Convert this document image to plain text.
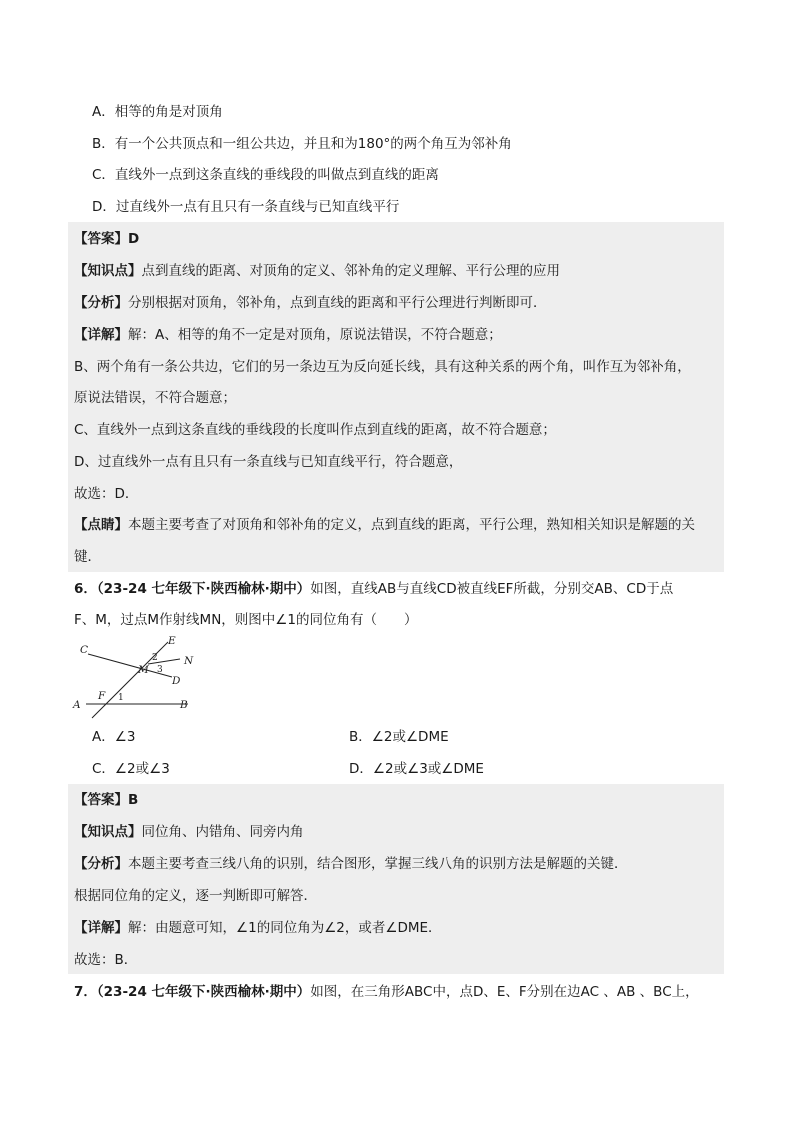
A．相等的角是对顶角
B．有一个公共顶点和一组公共边，并且和为180°的两个角互为邻补角
C．直线外一点到这条直线的垂线段的叫做点到直线的距离
D．过直线外一点有且只有一条直线与已知直线平行
【答案】D
【知识点】点到直线的距离、对顶角的定义、邻补角的定义理解、平行公理的应用
【分析】分别根据对顶角，邻补角，点到直线的距离和平行公理进行判断即可．
【详解】解：A、相等的角不一定是对顶角，原说法错误，不符合题意；
B、两个角有一条公共边，它们的另一条边互为反向延长线，具有这种关系的两个角，叫作互为邻补角，
原说法错误，不符合题意；
C、直线外一点到这条直线的垂线段的长度叫作点到直线的距离，故不符合题意；
D、过直线外一点有且只有一条直线与已知直线平行，符合题意，
故选：D．
【点睛】本题主要考查了对顶角和邻补角的定义，点到直线的距离，平行公理，熟知相关知识是解题的关
键．
6．（23-24 七年级下·陕西榆林·期中）如图，直线AB与直线CD被直线EF所截，分别交AB、CD于点
F、M，过点M作射线MN，则图中∠1的同位角有（　　）
C
E
N
M
2
3
D
F 1
A	B
A．∠3	B．∠2或∠DME
C．∠2或∠3	D．∠2或∠3或∠DME
【答案】B
【知识点】同位角、内错角、同旁内角
【分析】本题主要考查三线八角的识别，结合图形，掌握三线八角的识别方法是解题的关键．
根据同位角的定义，逐一判断即可解答．
【详解】解：由题意可知，∠1的同位角为∠2，或者∠DME．
故选：B．
7．（23-24 七年级下·陕西榆林·期中）如图，在三角形ABC中，点D、E、F分别在边AC 、AB 、BC上，
